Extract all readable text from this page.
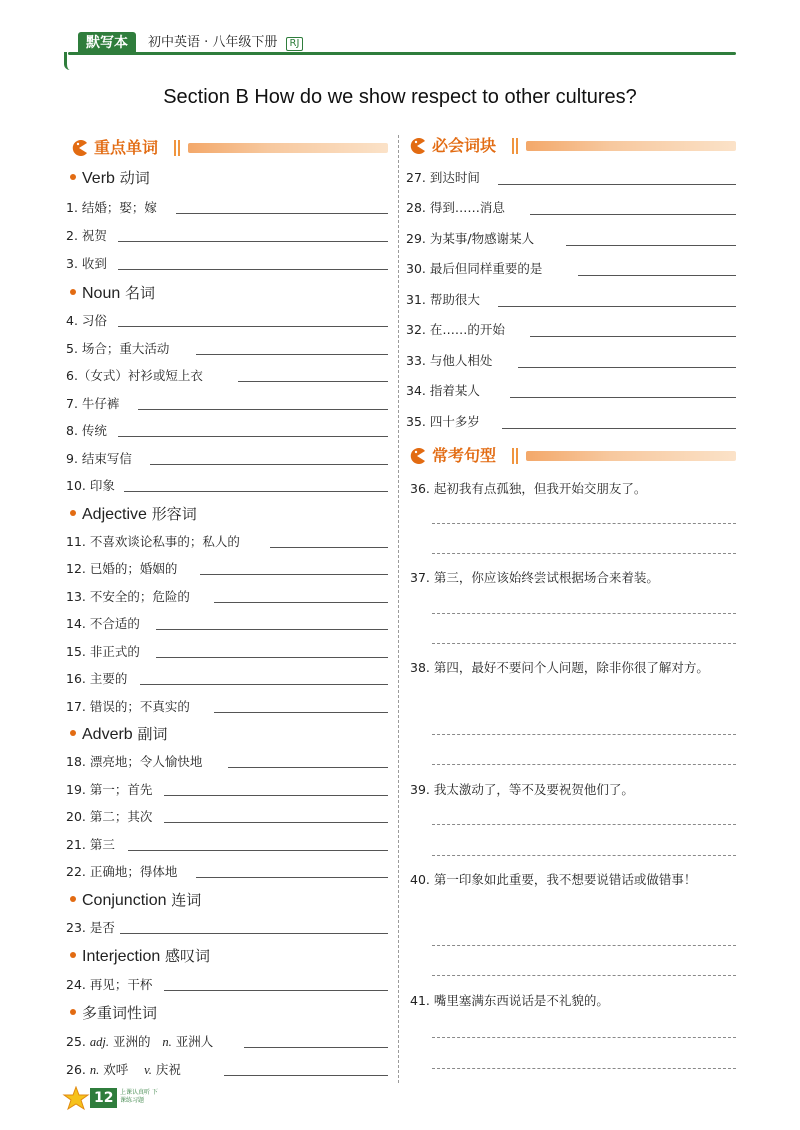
默写本	初中英语 · 八年级下册 RJ
Section B How do we show respect to other cultures?
重点单词
Verb 动词
Noun 名词
Adjective 形容词
Adverb 副词
Conjunction 连词
Interjection 感叹词
多重词性词
1. 结婚；娶；嫁
2. 祝贺
3. 收到
4. 习俗
5. 场合；重大活动
6.（女式）衬衫或短上衣
7. 牛仔裤
8. 传统
9. 结束写信
10. 印象
11. 不喜欢谈论私事的；私人的
12. 已婚的；婚姻的
13. 不安全的；危险的
14. 不合适的
15. 非正式的
16. 主要的
17. 错误的；不真实的
18. 漂亮地；令人愉快地
19. 第一；首先
20. 第二；其次
21. 第三
22. 正确地；得体地
23. 是否
24. 再见；干杯
25. adj. 亚洲的 n. 亚洲人
26. n. 欢呼 v. 庆祝
必会词块
27. 到达时间
28. 得到……消息
29. 为某事/物感谢某人
30. 最后但同样重要的是
31. 帮助很大
32. 在……的开始
33. 与他人相处
34. 指着某人
35. 四十多岁
常考句型
36. 起初我有点孤独，但我开始交朋友了。
37. 第三，你应该始终尝试根据场合来着装。
38. 第四，最好不要问个人问题，除非你很了解对方。
39. 我太激动了，等不及要祝贺他们了。
40. 第一印象如此重要，我不想要说错话或做错事！
41. 嘴里塞满东西说话是不礼貌的。
12	上课认真听 下课练习题
